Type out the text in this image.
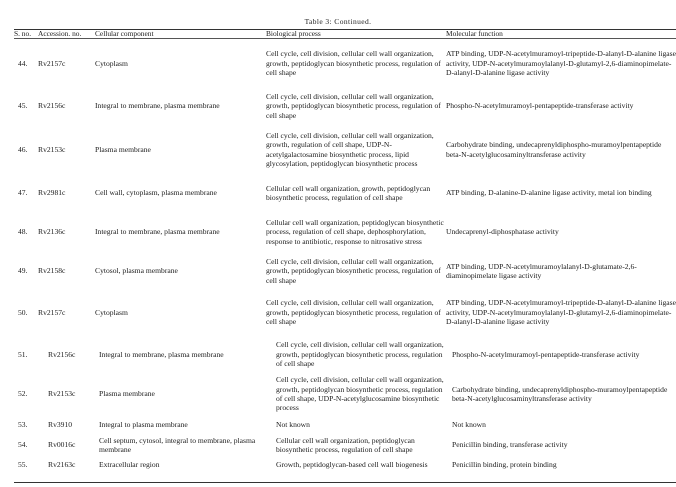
Table 3: Continued.
S. no.	Accession. no.	Cellular component	Biological process	Molecular function
44.	Rv2157c	Cytoplasm	Cell cycle, cell division, cellular cell wall organization, growth, peptidoglycan biosynthetic process, regulation of cell shape	ATP binding, UDP-N-acetylmuramoyl-tripeptide-D-alanyl-D-alanine ligase activity, UDP-N-acetylmuramoylalanyl-D-glutamyl-2,6-diaminopimelate-D-alanyl-D-alanine ligase activity

45.	Rv2156c	Integral to membrane, plasma membrane	Cell cycle, cell division, cellular cell wall organization, growth, peptidoglycan biosynthetic process, regulation of cell shape	Phospho-N-acetylmuramoyl-pentapeptide-transferase activity

46.	Rv2153c	Plasma membrane	Cell cycle, cell division, cellular cell wall organization, growth, regulation of cell shape, UDP-N-acetylgalactosamine biosynthetic process, lipid glycosylation, peptidoglycan biosynthetic process	Carbohydrate binding, undecaprenyldiphospho-muramoylpentapeptide beta-N-acetylglucosaminyltransferase activity

47.	Rv2981c	Cell wall, cytoplasm, plasma membrane	Cellular cell wall organization, growth, peptidoglycan biosynthetic process, regulation of cell shape	ATP binding, D-alanine-D-alanine ligase activity, metal ion binding

48.	Rv2136c	Integral to membrane, plasma membrane	Cellular cell wall organization, peptidoglycan biosynthetic process, regulation of cell shape, dephosphorylation, response to antibiotic, response to nitrosative stress	Undecaprenyl-diphosphatase activity

49.	Rv2158c	Cytosol, plasma membrane	Cell cycle, cell division, cellular cell wall organization, growth, peptidoglycan biosynthetic process, regulation of cell shape	ATP binding, UDP-N-acetylmuramoylalanyl-D-glutamate-2,6-diaminopimelate ligase activity

50.	Rv2157c	Cytoplasm	Cell cycle, cell division, cellular cell wall organization, growth, peptidoglycan biosynthetic process, regulation of cell shape	ATP binding, UDP-N-acetylmuramoyl-tripeptide-D-alanyl-D-alanine ligase activity, UDP-N-acetylmuramoylalanyl-D-glutamyl-2,6-diaminopimelate-D-alanyl-D-alanine ligase activity

51.	Rv2156c	Integral to membrane, plasma membrane	Cell cycle, cell division, cellular cell wall organization, growth, peptidoglycan biosynthetic process, regulation of cell shape	Phospho-N-acetylmuramoyl-pentapeptide-transferase activity

52.	Rv2153c	Plasma membrane	Cell cycle, cell division, cellular cell wall organization, growth, peptidoglycan biosynthetic process, regulation of cell shape, UDP-N-acetylglucosamine biosynthetic process	Carbohydrate binding, undecaprenyldiphospho-muramoylpentapeptide beta-N-acetylglucosaminyltransferase activity

53.	Rv3910	Integral to plasma membrane	Not known	Not known

54.	Rv0016c	Cell septum, cytosol, integral to membrane, plasma membrane	Cellular cell wall organization, peptidoglycan biosynthetic process, regulation of cell shape	Penicillin binding, transferase activity

55.	Rv2163c	Extracellular region	Growth, peptidoglycan-based cell wall biogenesis	Penicillin binding, protein binding
